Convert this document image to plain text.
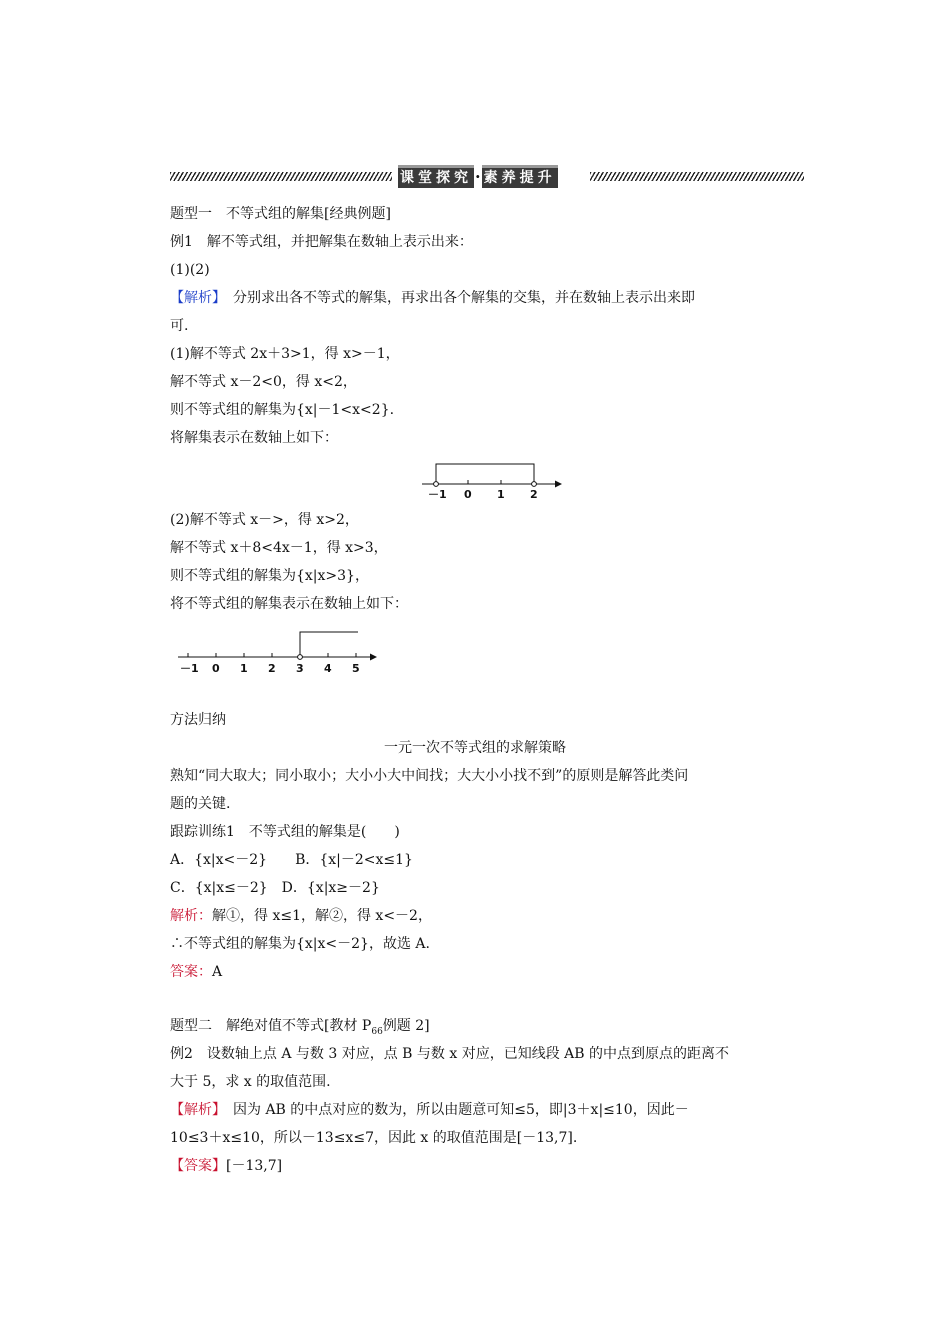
课堂探究 · 素养提升
题型一　不等式组的解集[经典例题]
例1　解不等式组，并把解集在数轴上表示出来：
(1)(2)
【解析】　分别求出各不等式的解集，再求出各个解集的交集，并在数轴上表示出来即
可.
(1)解不等式 2x＋3>1，得 x>－1，
解不等式 x－2<0，得 x<2，
则不等式组的解集为{x|－1<x<2}.
将解集表示在数轴上如下：
－1 0 1 2
(2)解不等式 x－>，得 x>2，
解不等式 x＋8<4x－1，得 x>3，
则不等式组的解集为{x|x>3}，
将不等式组的解集表示在数轴上如下：
－1 0 1 2 3 4 5
方法归纳
一元一次不等式组的求解策略
熟知“同大取大；同小取小；大小小大中间找；大大小小找不到”的原则是解答此类问
题的关键.
跟踪训练1　不等式组的解集是(　　)
A．{x|x<－2}　　B．{x|－2<x≤1}
C．{x|x≤－2}　D．{x|x≥－2}
解析：解①，得 x≤1，解②，得 x<－2，
∴不等式组的解集为{x|x<－2}，故选 A.
答案：A
题型二　解绝对值不等式[教材 $P_{66}$例题 2]
例2　设数轴上点 A 与数 3 对应，点 B 与数 x 对应，已知线段 AB 的中点到原点的距离不
大于 5，求 x 的取值范围.
【解析】　因为 AB 的中点对应的数为，所以由题意可知≤5，即|3＋x|≤10，因此－
10≤3＋x≤10，所以－13≤x≤7，因此 x 的取值范围是[－13,7].
【答案】[－13,7]
